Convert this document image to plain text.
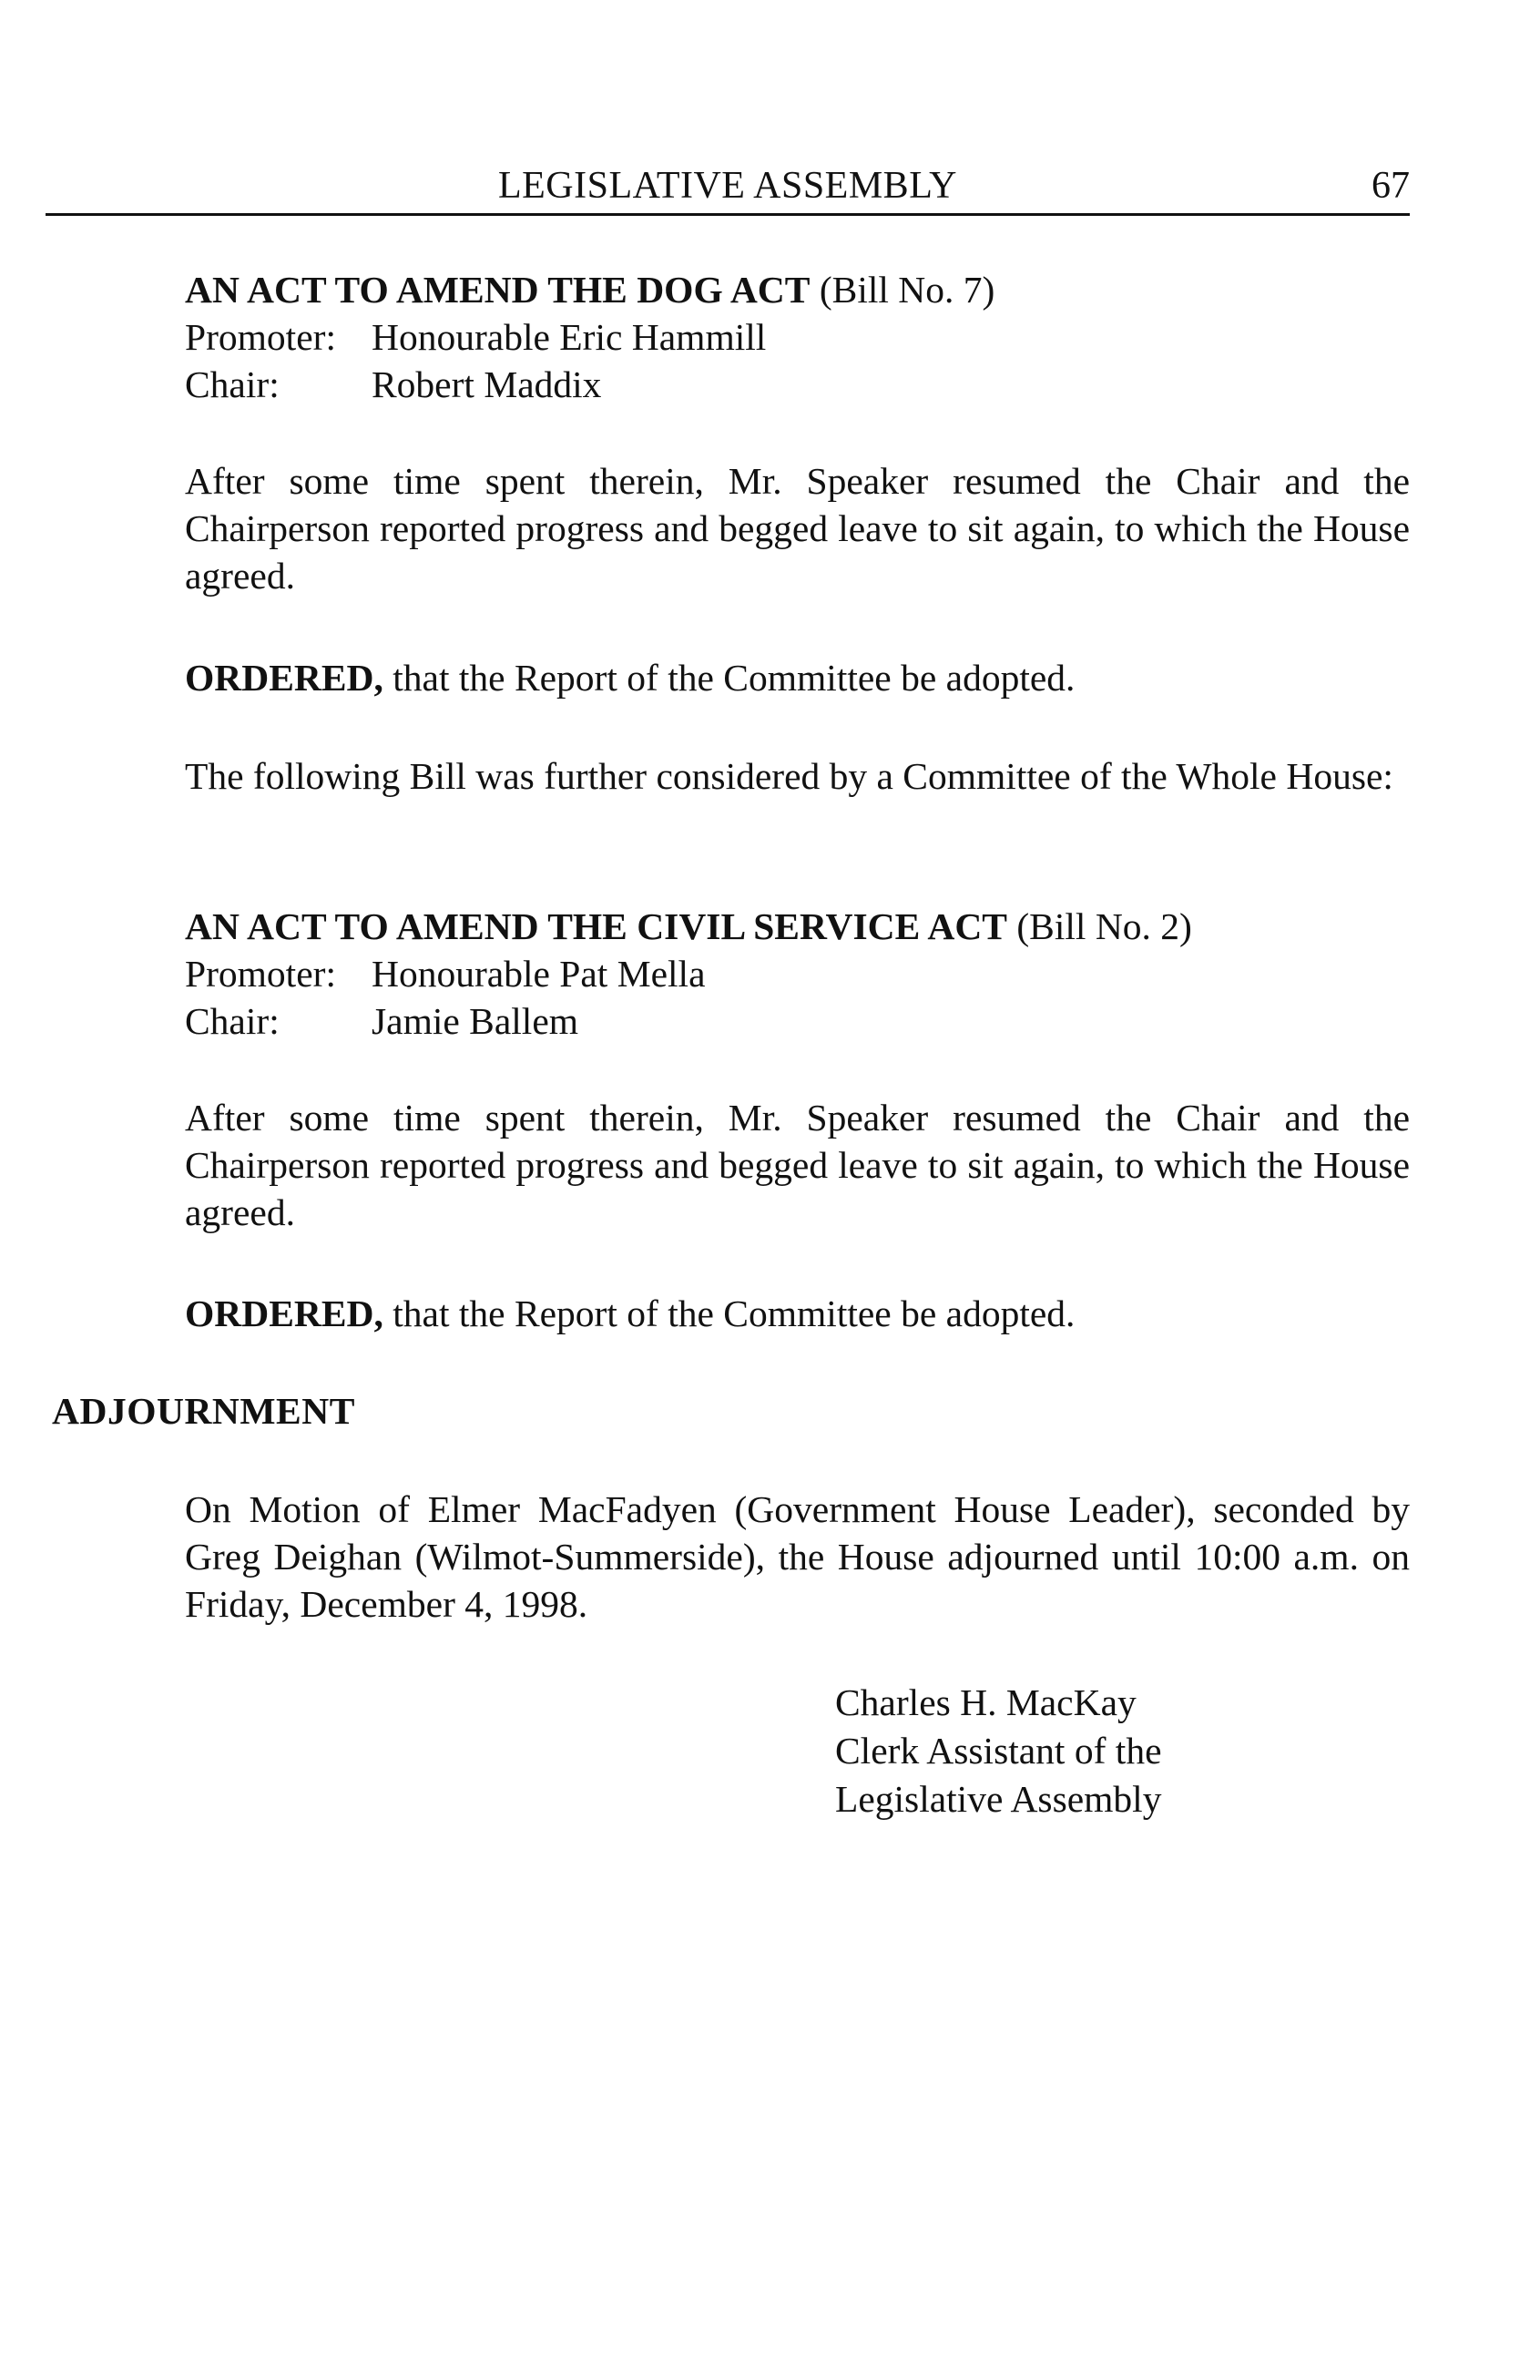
LEGISLATIVE ASSEMBLY	67
AN ACT TO AMEND THE DOG ACT (Bill No. 7)
Promoter: Honourable Eric Hammill
Chair:	Robert Maddix
After some time spent therein, Mr. Speaker resumed the Chair and the Chairperson reported progress and begged leave to sit again, to which the House agreed.
ORDERED, that the Report of the Committee be adopted.
The following Bill was further considered by a Committee of the Whole House:
AN ACT TO AMEND THE CIVIL SERVICE ACT (Bill No. 2)
Promoter: Honourable Pat Mella
Chair:	Jamie Ballem
After some time spent therein, Mr. Speaker resumed the Chair and the Chairperson reported progress and begged leave to sit again, to which the House agreed.
ORDERED, that the Report of the Committee be adopted.
ADJOURNMENT
On Motion of Elmer MacFadyen (Government House Leader), seconded by Greg Deighan (Wilmot-Summerside), the House adjourned until 10:00 a.m. on Friday, December 4, 1998.
Charles H. MacKay
Clerk Assistant of the
Legislative Assembly
